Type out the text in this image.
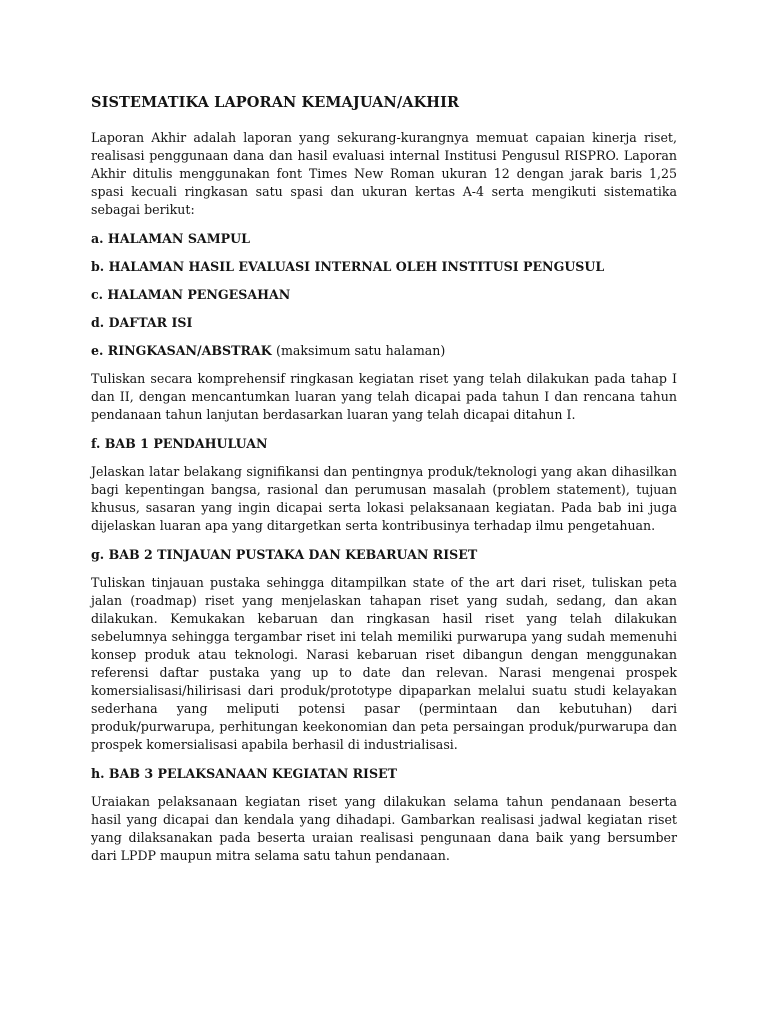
SISTEMATIKA LAPORAN KEMAJUAN/AKHIR

Laporan Akhir adalah laporan yang sekurang-kurangnya memuat capaian kinerja riset, realisasi penggunaan dana dan hasil evaluasi internal Institusi Pengusul RISPRO. Laporan Akhir ditulis menggunakan font Times New Roman ukuran 12 dengan jarak baris 1,25 spasi kecuali ringkasan satu spasi dan ukuran kertas A-4 serta mengikuti sistematika sebagai berikut:

a. HALAMAN SAMPUL
b. HALAMAN HASIL EVALUASI INTERNAL OLEH INSTITUSI PENGUSUL
c. HALAMAN PENGESAHAN
d. DAFTAR ISI
e. RINGKASAN/ABSTRAK (maksimum satu halaman)

Tuliskan secara komprehensif ringkasan kegiatan riset yang telah dilakukan pada tahap I dan II, dengan mencantumkan luaran yang telah dicapai pada tahun I dan rencana tahun pendanaan tahun lanjutan berdasarkan luaran yang telah dicapai ditahun I.

f. BAB 1 PENDAHULUAN

Jelaskan latar belakang signifikansi dan pentingnya produk/teknologi yang akan dihasilkan bagi kepentingan bangsa, rasional dan perumusan masalah (problem statement), tujuan khusus, sasaran yang ingin dicapai serta lokasi pelaksanaan kegiatan. Pada bab ini juga dijelaskan luaran apa yang ditargetkan serta kontribusinya terhadap ilmu pengetahuan.

g. BAB 2 TINJAUAN PUSTAKA DAN KEBARUAN RISET

Tuliskan tinjauan pustaka sehingga ditampilkan state of the art dari riset, tuliskan peta jalan (roadmap) riset yang menjelaskan tahapan riset yang sudah, sedang, dan akan dilakukan. Kemukakan kebaruan dan ringkasan hasil riset yang telah dilakukan sebelumnya sehingga tergambar riset ini telah memiliki purwarupa yang sudah memenuhi konsep produk atau teknologi. Narasi kebaruan riset dibangun dengan menggunakan referensi daftar pustaka yang up to date dan relevan. Narasi mengenai prospek komersialisasi/hilirisasi dari produk/prototype dipaparkan melalui suatu studi kelayakan sederhana yang meliputi potensi pasar (permintaan dan kebutuhan) dari produk/purwarupa, perhitungan keekonomian dan peta persaingan produk/purwarupa dan prospek komersialisasi apabila berhasil di industrialisasi.

h. BAB 3 PELAKSANAAN KEGIATAN RISET

Uraiakan pelaksanaan kegiatan riset yang dilakukan selama tahun pendanaan beserta hasil yang dicapai dan kendala yang dihadapi. Gambarkan realisasi jadwal kegiatan riset yang dilaksanakan pada beserta uraian realisasi pengunaan dana baik yang bersumber dari LPDP maupun mitra selama satu tahun pendanaan.
